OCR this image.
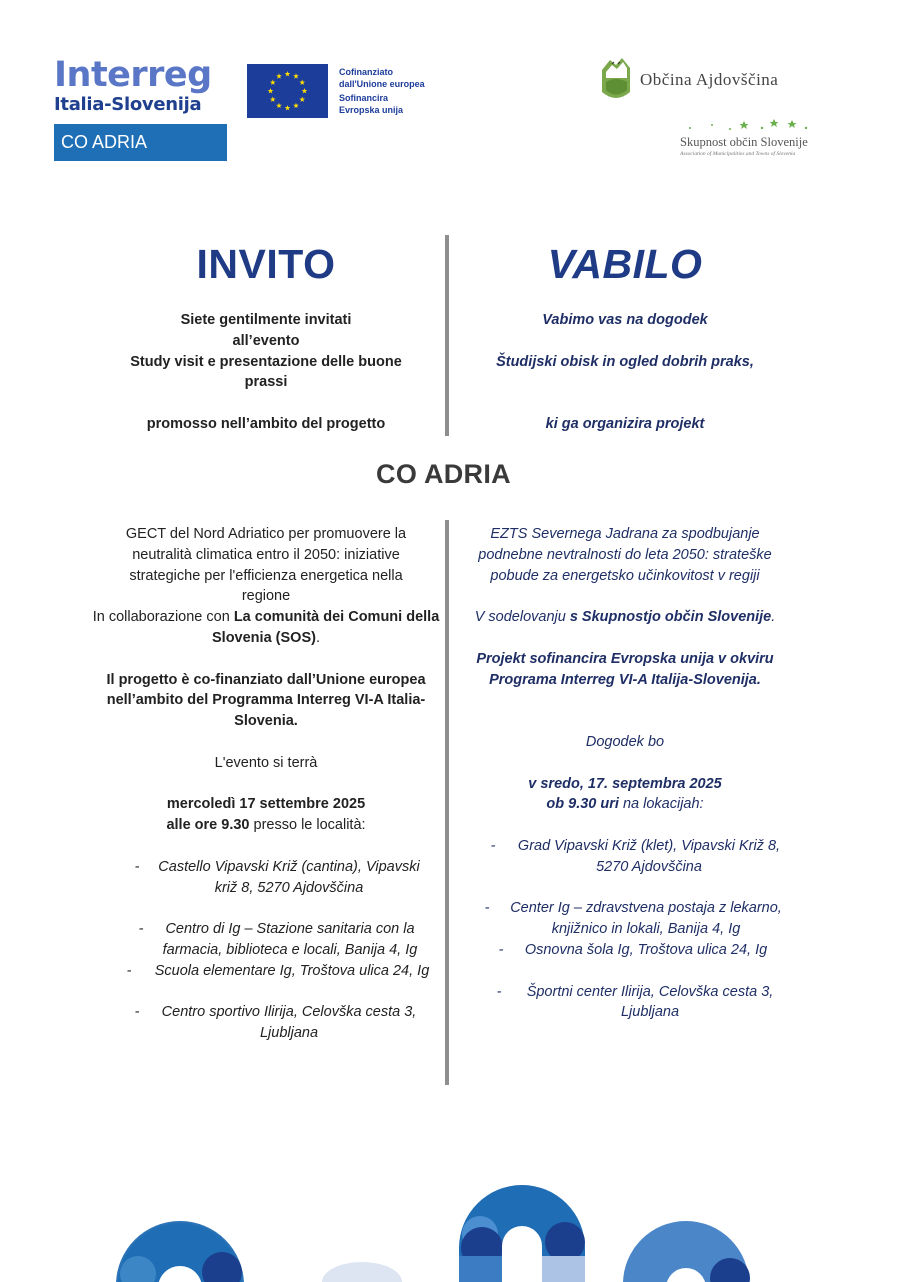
Interreg
Italia-Slovenija
CO ADRIA

Cofinanziato

dall'Unione europea

Sofinancira

Evropska unija

Občina Ajdovščina
Skupnost občin Slovenije
Association of Municipalities and Towns of Slovenia
INVITO
Siete gentilmente invitati
all’evento
Study visit e presentazione delle buone prassi
promosso nell’ambito del progetto
VABILO
Vabimo vas na dogodek
Študijski obisk in ogled dobrih praks,
ki ga organizira projekt
CO ADRIA
GECT del Nord Adriatico per promuovere la neutralità climatica entro il 2050: iniziative strategiche per l'efficienza energetica nella regione
In collaborazione con La comunità dei Comuni della Slovenia (SOS).
Il progetto è co-finanziato dall’Unione europea nell’ambito del Programma Interreg VI-A Italia-Slovenia.
L'evento si terrà
mercoledì 17 settembre 2025
alle ore 9.30 presso le località:
-	Castello Vipavski Križ (cantina), Vipavski križ 8, 5270 Ajdovščina
-	Centro di Ig – Stazione sanitaria con la farmacia, biblioteca e locali, Banija 4, Ig
-	Scuola elementare Ig, Troštova ulica 24, Ig
-	Centro sportivo Ilirija, Celovška cesta 3, Ljubljana
EZTS Severnega Jadrana za spodbujanje podnebne nevtralnosti do leta 2050: strateške pobude za energetsko učinkovitost v regiji
V sodelovanju s Skupnostjo občin Slovenije.
Projekt sofinancira Evropska unija v okviru Programa Interreg VI-A Italija-Slovenija.
Dogodek bo
v sredo, 17. septembra 2025
ob 9.30 uri na lokacijah:
-	Grad Vipavski Križ (klet), Vipavski Križ 8, 5270 Ajdovščina
-	Center Ig – zdravstvena postaja z lekarno, knjižnico in lokali, Banija 4, Ig
-	Osnovna šola Ig, Troštova ulica 24, Ig
-	Športni center Ilirija, Celovška cesta 3, Ljubljana
